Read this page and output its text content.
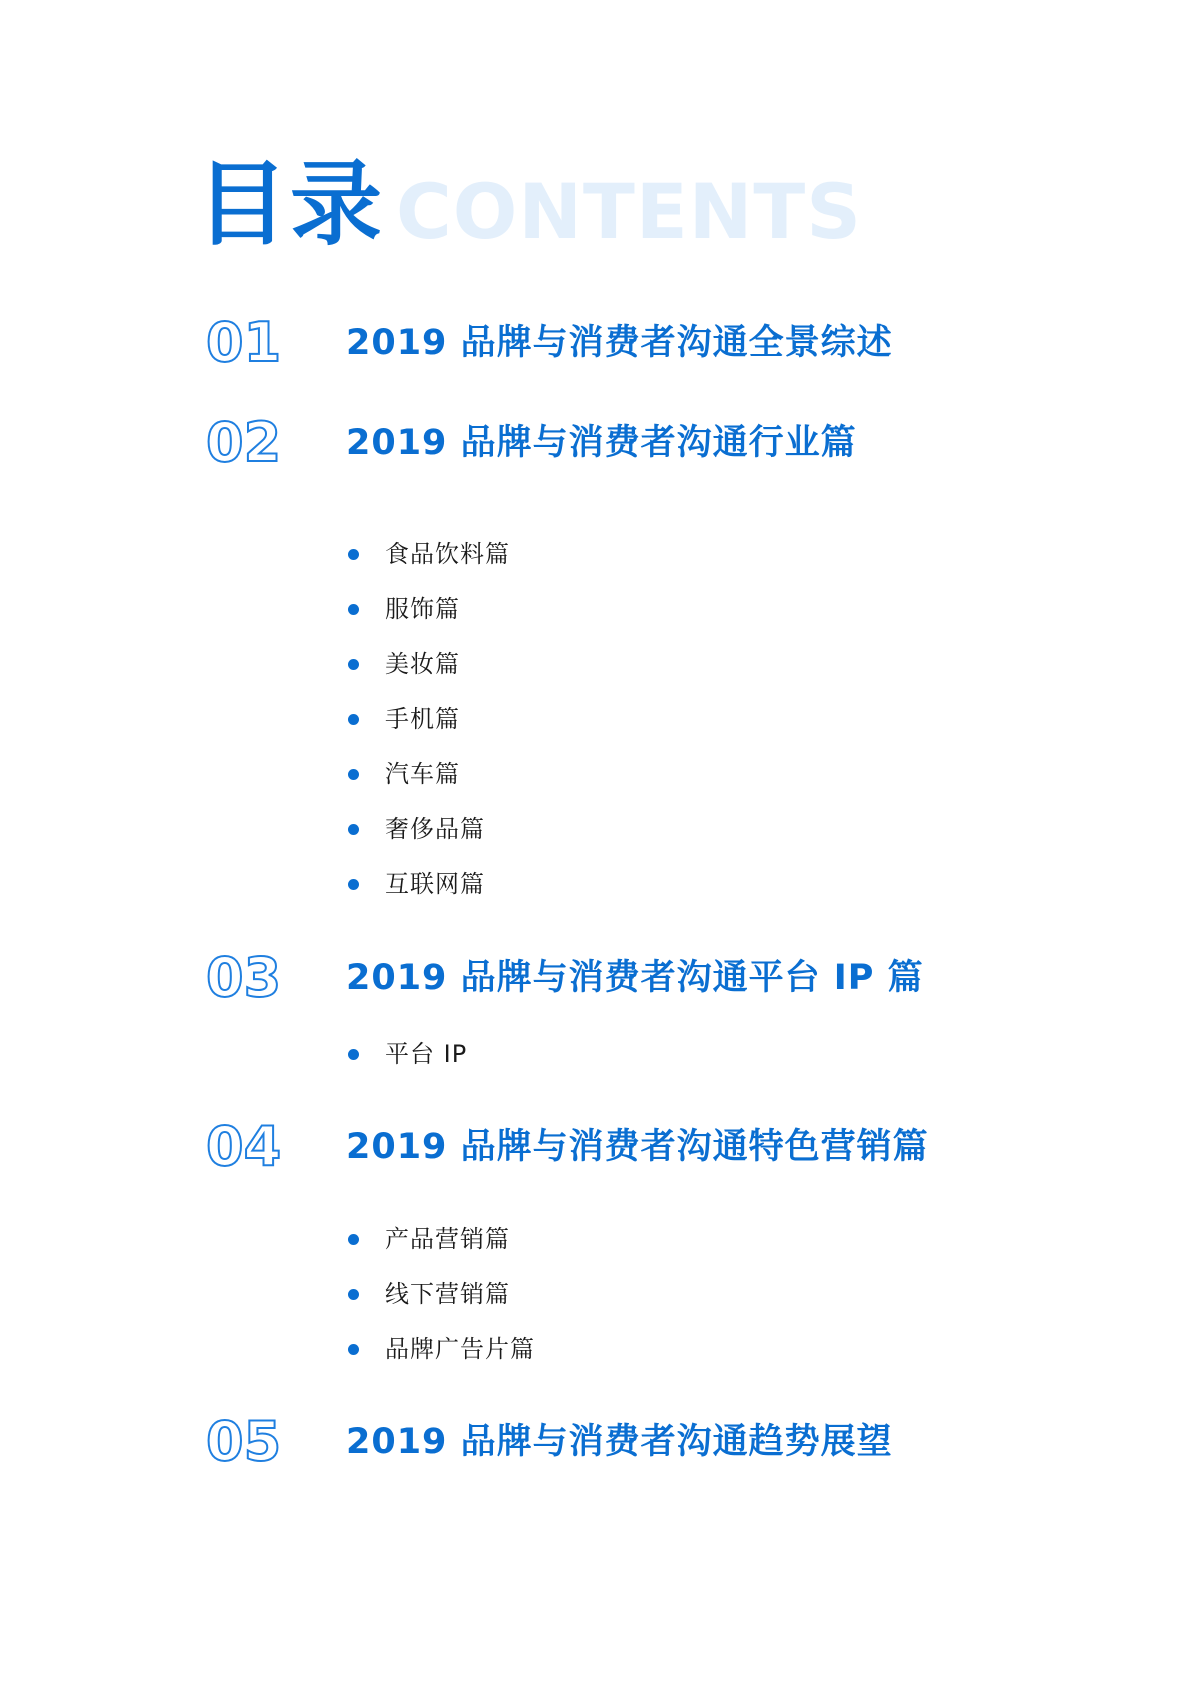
目录 CONTENTS
01 2019 品牌与消费者沟通全景综述
02 2019 品牌与消费者沟通行业篇
食品饮料篇
服饰篇
美妆篇
手机篇
汽车篇
奢侈品篇
互联网篇
03 2019 品牌与消费者沟通平台 IP 篇
平台 IP
04 2019 品牌与消费者沟通特色营销篇
产品营销篇
线下营销篇
品牌广告片篇
05 2019 品牌与消费者沟通趋势展望
